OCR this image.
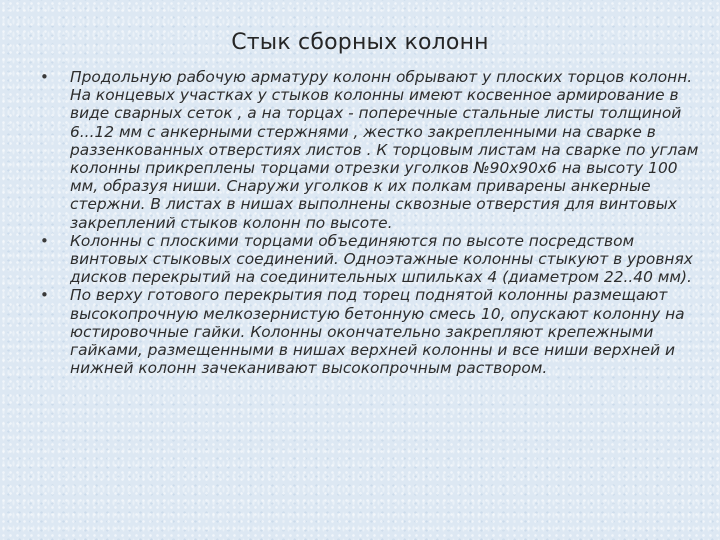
Стык сборных колонн
• Продольную рабочую арматуру колонн обрывают у плоских торцов колонн. На концевых участках у стыков колонны имеют косвенное армирование в виде сварных сеток , а на торцах - поперечные стальные листы толщиной 6...12 мм с анкерными стержнями , жестко закрепленными на сварке в раззенкованных отверстиях листов . К торцовым листам на сварке по углам колонны прикреплены торцами отрезки уголков №90х90х6 на высоту 100 мм, образуя ниши. Снаружи уголков к их полкам приварены анкерные стержни. В листах в нишах выполнены сквозные отверстия для винтовых закреплений стыков колонн по высоте.
• Колонны с плоскими торцами объединяются по высоте посредством винтовых стыковых соединений. Одноэтажные колонны стыкуют в уровнях дисков перекрытий на соединительных шпильках 4 (диаметром 22..40 мм).
• По верху готового перекрытия под торец поднятой колонны размещают высокопрочную мелкозернистую бетонную смесь 10, опускают колонну на юстировочные гайки. Колонны окончательно закрепляют крепежными гайками, размещенными в нишах верхней колонны и все ниши верхней и нижней колонн зачеканивают высокопрочным раствором.
